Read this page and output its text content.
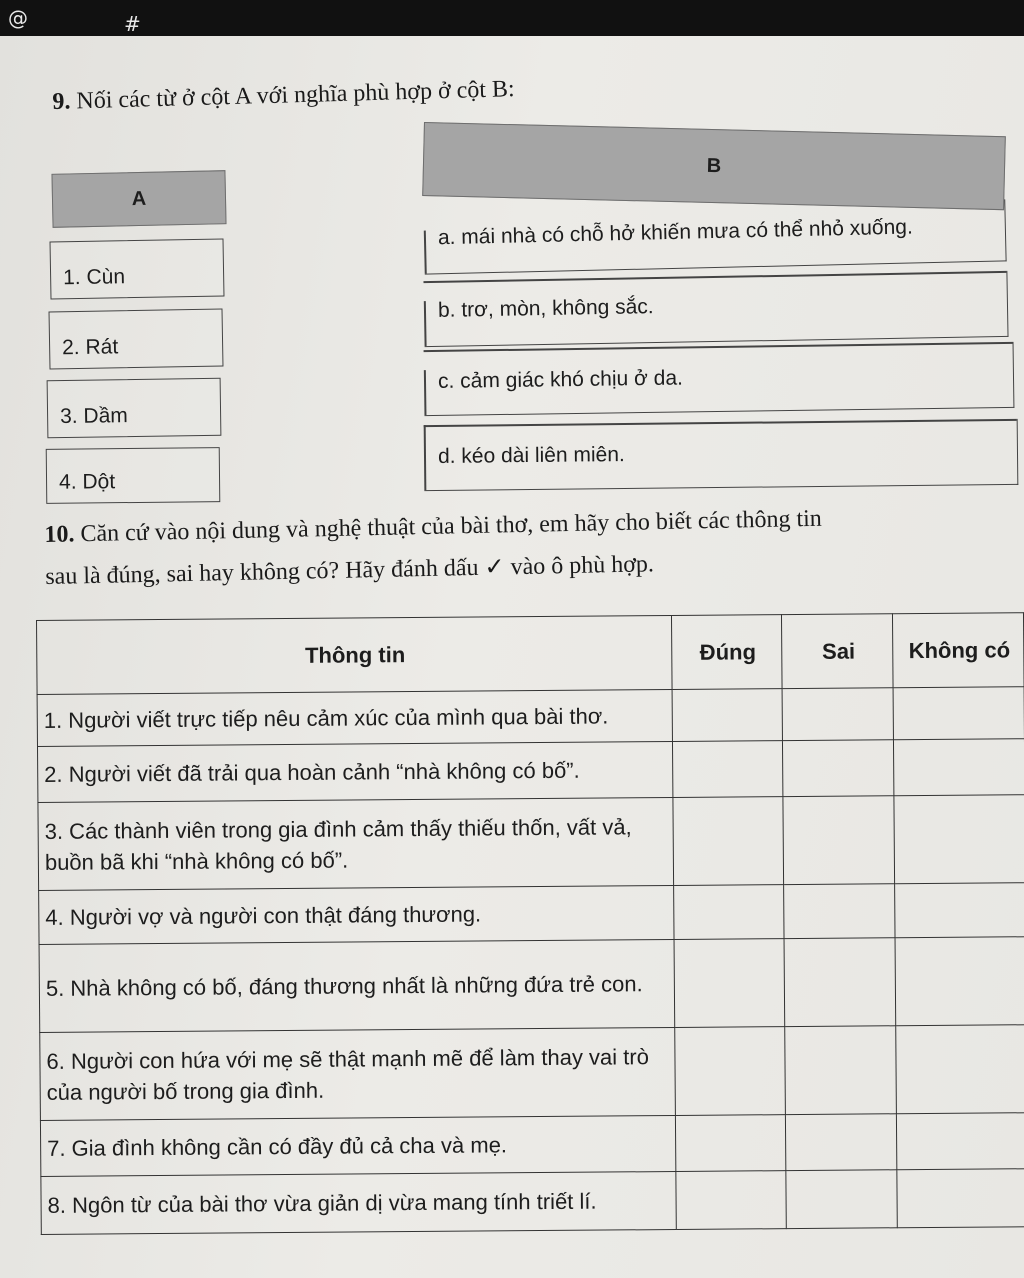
@	#
9. Nối các từ ở cột A với nghĩa phù hợp ở cột B:
A
B
1. Cùn
2. Rát
3. Dầm
4. Dột
a. mái nhà có chỗ hở khiến mưa có thể nhỏ xuống.
b. trơ, mòn, không sắc.
c. cảm giác khó chịu ở da.
d. kéo dài liên miên.
10. Căn cứ vào nội dung và nghệ thuật của bài thơ, em hãy cho biết các thông tin
sau là đúng, sai hay không có? Hãy đánh dấu ✓ vào ô phù hợp.
Thông tin	Đúng	Sai	Không có
1. Người viết trực tiếp nêu cảm xúc của mình qua bài thơ.			
2. Người viết đã trải qua hoàn cảnh “nhà không có bố”.			
3. Các thành viên trong gia đình cảm thấy thiếu thốn, vất vả, buồn bã khi “nhà không có bố”.			
4. Người vợ và người con thật đáng thương.			
5. Nhà không có bố, đáng thương nhất là những đứa trẻ con.			
6. Người con hứa với mẹ sẽ thật mạnh mẽ để làm thay vai trò của người bố trong gia đình.			
7. Gia đình không cần có đầy đủ cả cha và mẹ.			
8. Ngôn từ của bài thơ vừa giản dị vừa mang tính triết lí.			
